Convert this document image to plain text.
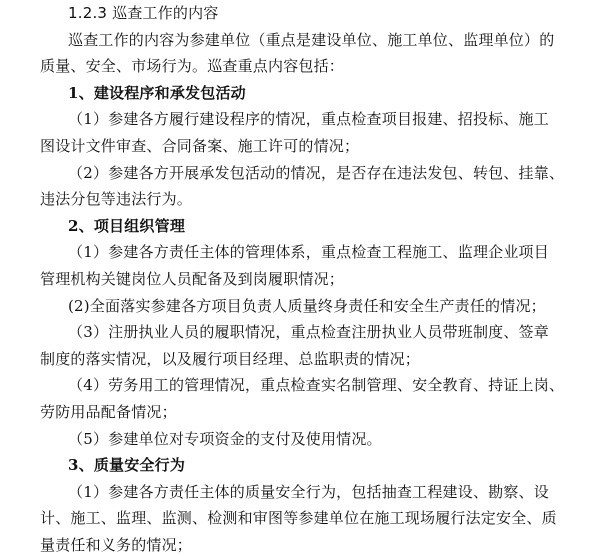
1.2.3 巡查工作的内容
巡查工作的内容为参建单位（重点是建设单位、施工单位、监理单位）的
质量、安全、市场行为。巡查重点内容包括：
1、建设程序和承发包活动
（1）参建各方履行建设程序的情况，重点检查项目报建、招投标、施工
图设计文件审查、合同备案、施工许可的情况；
（2）参建各方开展承发包活动的情况，是否存在违法发包、转包、挂靠、
违法分包等违法行为。
2、项目组织管理
（1）参建各方责任主体的管理体系，重点检查工程施工、监理企业项目
管理机构关键岗位人员配备及到岗履职情况；
(2)全面落实参建各方项目负责人质量终身责任和安全生产责任的情况；
（3）注册执业人员的履职情况，重点检查注册执业人员带班制度、签章
制度的落实情况，以及履行项目经理、总监职责的情况；
（4）劳务用工的管理情况，重点检查实名制管理、安全教育、持证上岗、
劳防用品配备情况；
（5）参建单位对专项资金的支付及使用情况。
3、质量安全行为
（1）参建各方责任主体的质量安全行为，包括抽查工程建设、勘察、设
计、施工、监理、监测、检测和审图等参建单位在施工现场履行法定安全、质
量责任和义务的情况；
